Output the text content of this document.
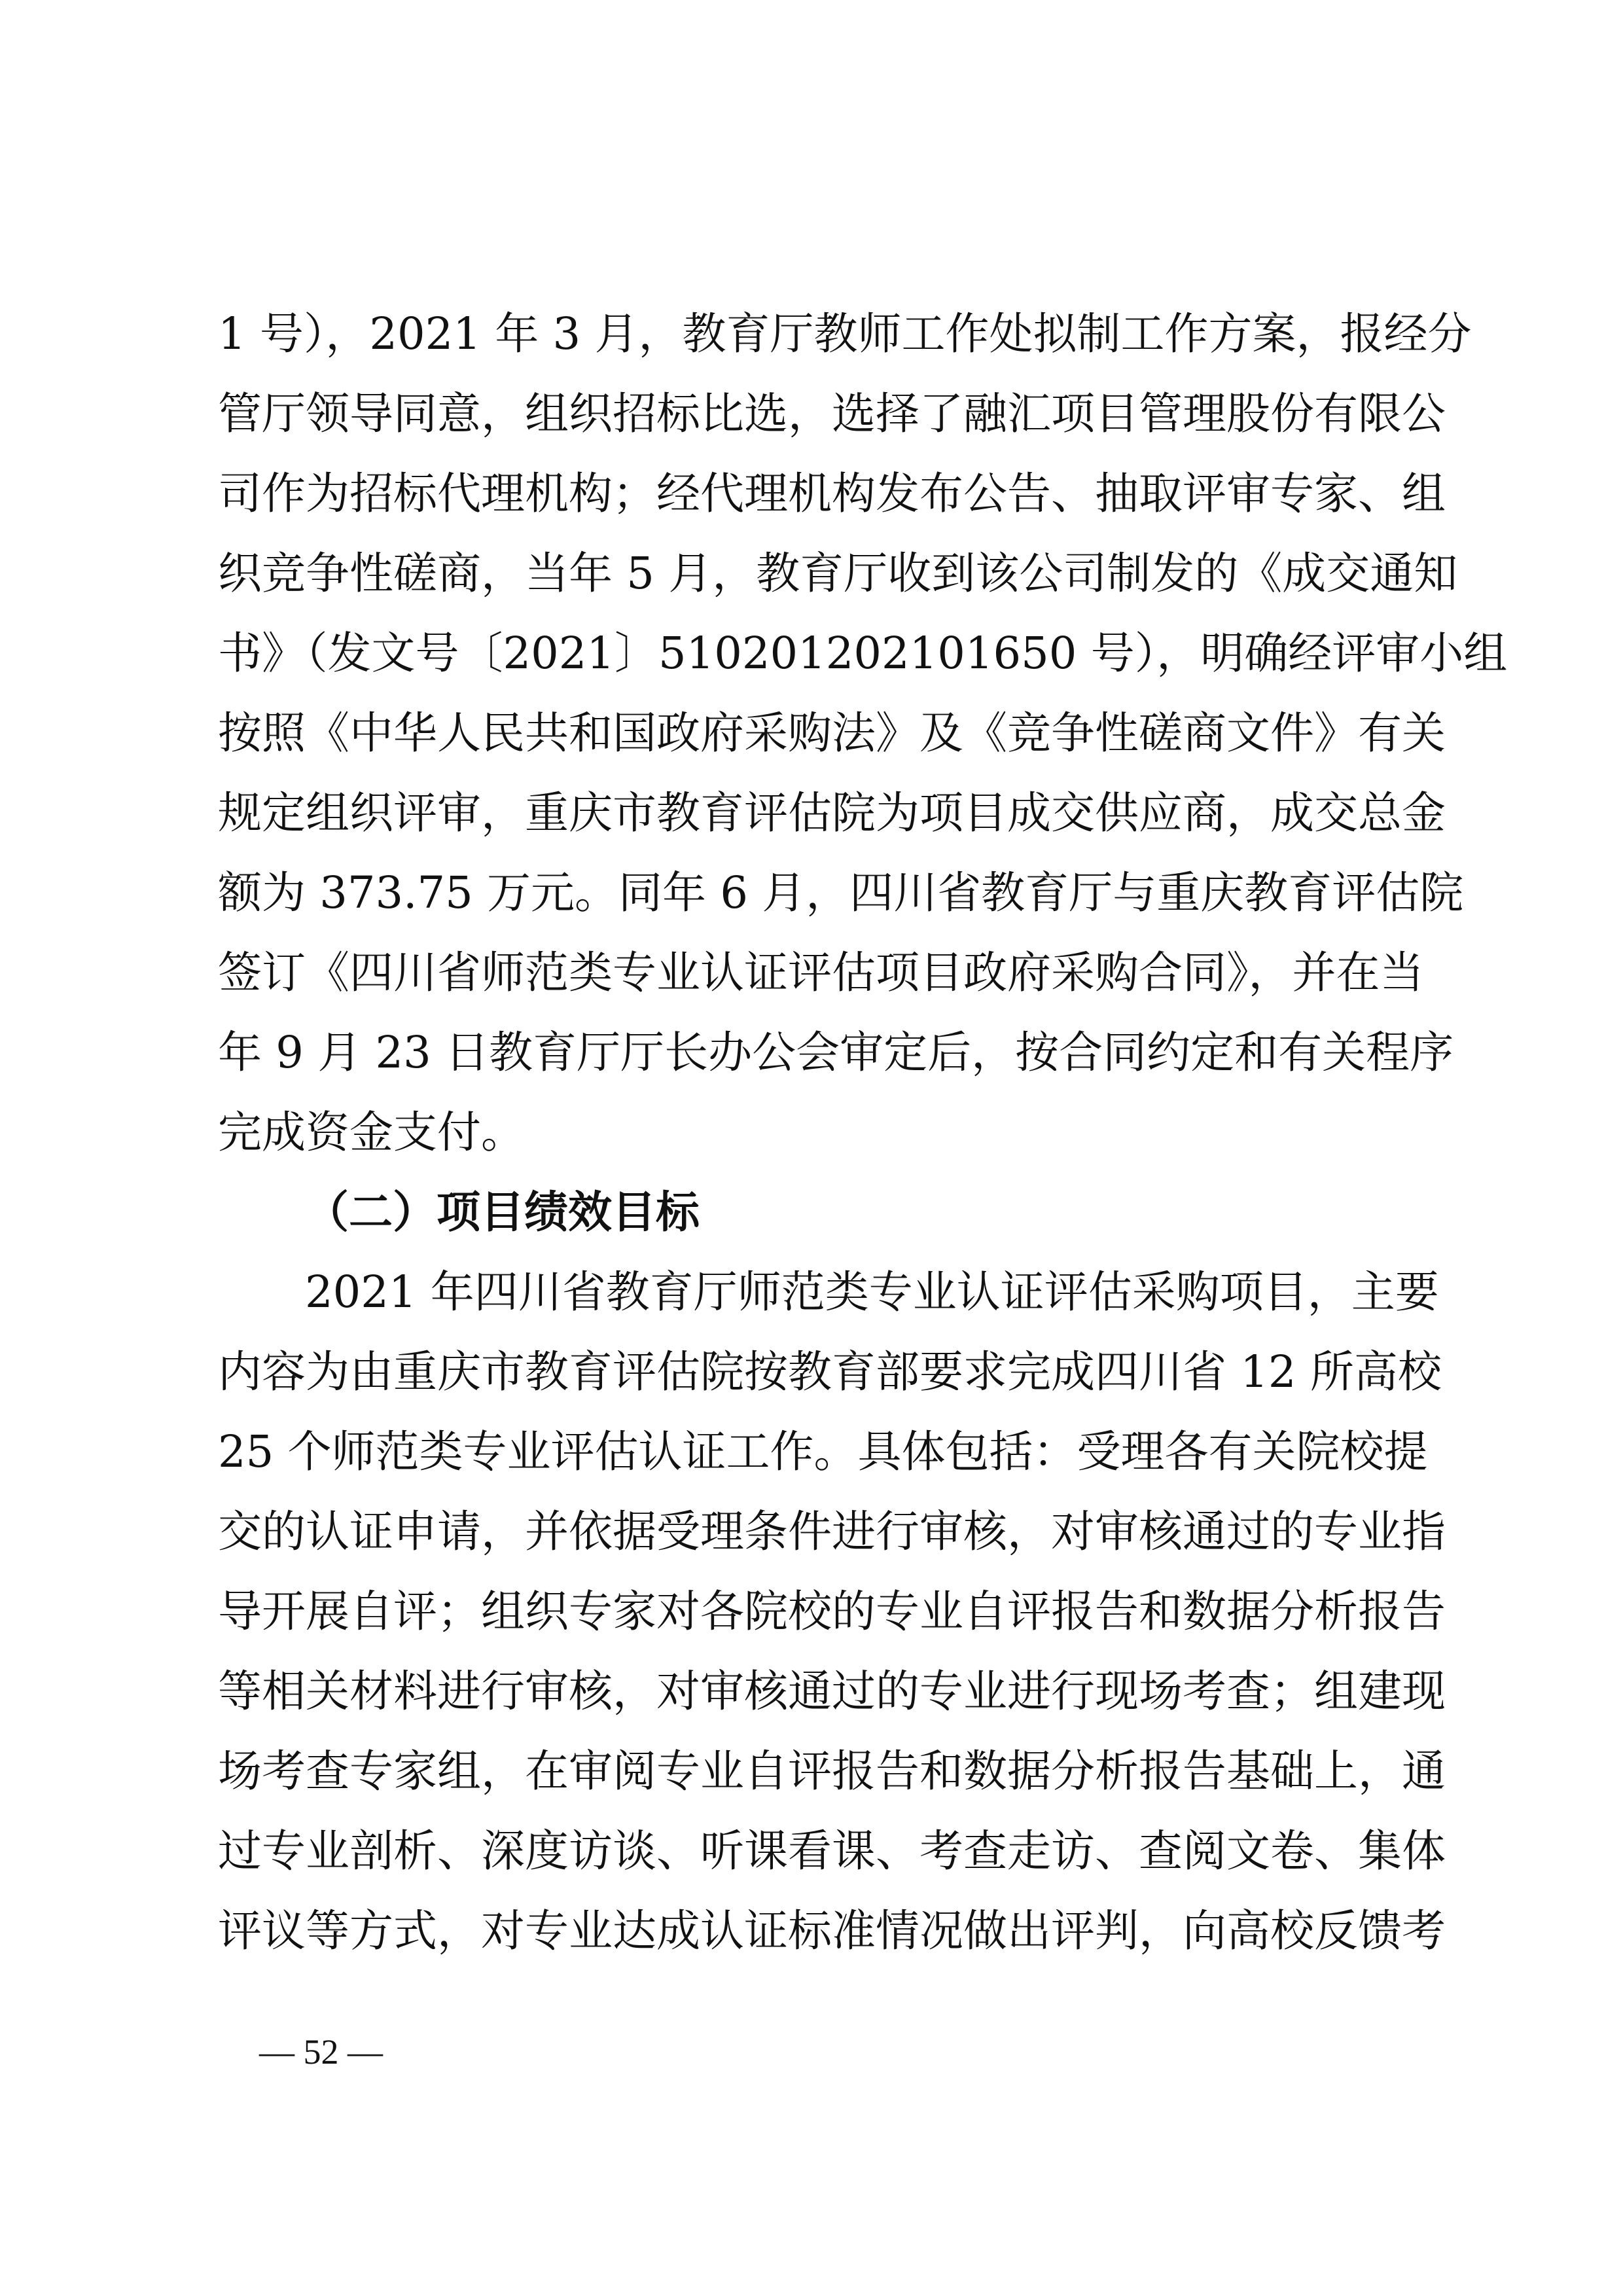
1 号），2021 年 3 月，教育厅教师工作处拟制工作方案，报经分
管厅领导同意，组织招标比选，选择了融汇项目管理股份有限公
司作为招标代理机构；经代理机构发布公告、抽取评审专家、组
织竞争性磋商，当年 5 月，教育厅收到该公司制发的《成交通知
书》（发文号〔2021〕510201202101650 号），明确经评审小组
按照《中华人民共和国政府采购法》及《竞争性磋商文件》有关
规定组织评审，重庆市教育评估院为项目成交供应商，成交总金
额为 373.75 万元。同年 6 月，四川省教育厅与重庆教育评估院
签订《四川省师范类专业认证评估项目政府采购合同》，并在当
年 9 月 23 日教育厅厅长办公会审定后，按合同约定和有关程序
完成资金支付。
（二）项目绩效目标
2021 年四川省教育厅师范类专业认证评估采购项目，主要
内容为由重庆市教育评估院按教育部要求完成四川省 12 所高校
25 个师范类专业评估认证工作。具体包括：受理各有关院校提
交的认证申请，并依据受理条件进行审核，对审核通过的专业指
导开展自评；组织专家对各院校的专业自评报告和数据分析报告
等相关材料进行审核，对审核通过的专业进行现场考查；组建现
场考查专家组，在审阅专业自评报告和数据分析报告基础上，通
过专业剖析、深度访谈、听课看课、考查走访、查阅文卷、集体
评议等方式，对专业达成认证标准情况做出评判，向高校反馈考
— 52 —
